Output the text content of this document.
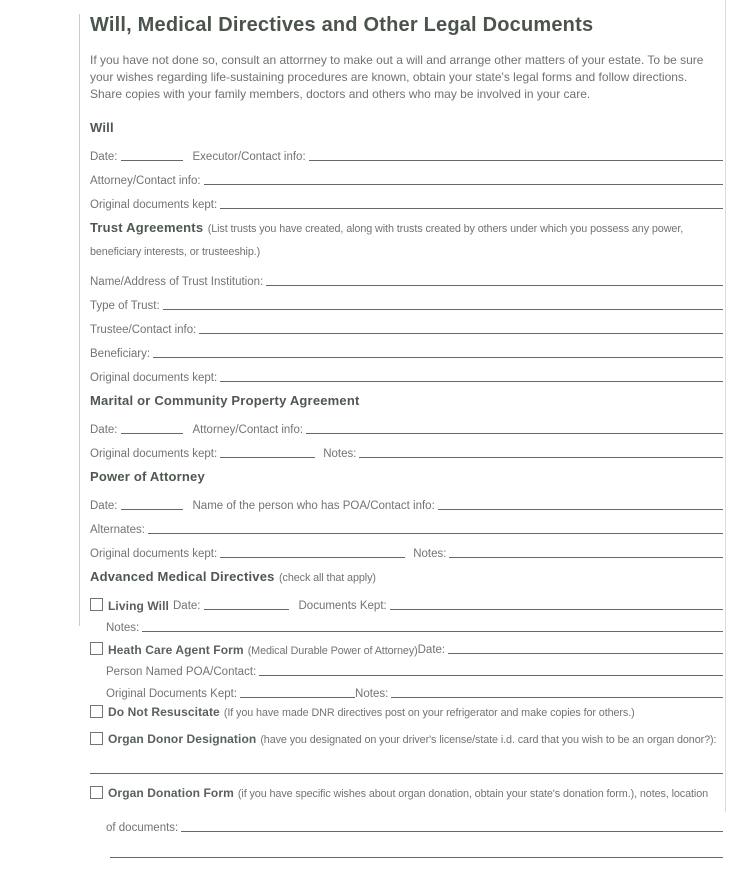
Will, Medical Directives and Other Legal Documents

If you have not done so, consult an attorrney to make out a will and arrange other matters of your estate. To be sure
your wishes regarding life-sustaining procedures are known, obtain your state's legal forms and follow directions.
Share copies with your family members, doctors and others who may be involved in your care.

Will
Date:	Executor/Contact info:
Attorney/Contact info:
Original documents kept:
Trust Agreements (List trusts you have created, along with trusts created by others under which you possess any power, beneficiary interests, or trusteeship.)
Name/Address of Trust Institution:
Type of Trust:
Trustee/Contact info:
Beneficiary:
Original documents kept:
Marital or Community Property Agreement
Date:	Attorney/Contact info:
Original documents kept:	Notes:
Power of Attorney
Date:	Name of the person who has POA/Contact info:
Alternates:
Original documents kept:	Notes:
Advanced Medical Directives (check all that apply)
Living Will Date:	Documents Kept:
Notes:
Heath Care Agent Form (Medical Durable Power of Attorney) Date:
Person Named POA/Contact:
Original Documents Kept:	Notes:
Do Not Resuscitate (If you have made DNR directives post on your refrigerator and make copies for others.)
Organ Donor Designation (have you designated on your driver's license/state i.d. card that you wish to be an organ donor?):
Organ Donation Form (if you have specific wishes about organ donation, obtain your state's donation form.), notes, location
of documents:
